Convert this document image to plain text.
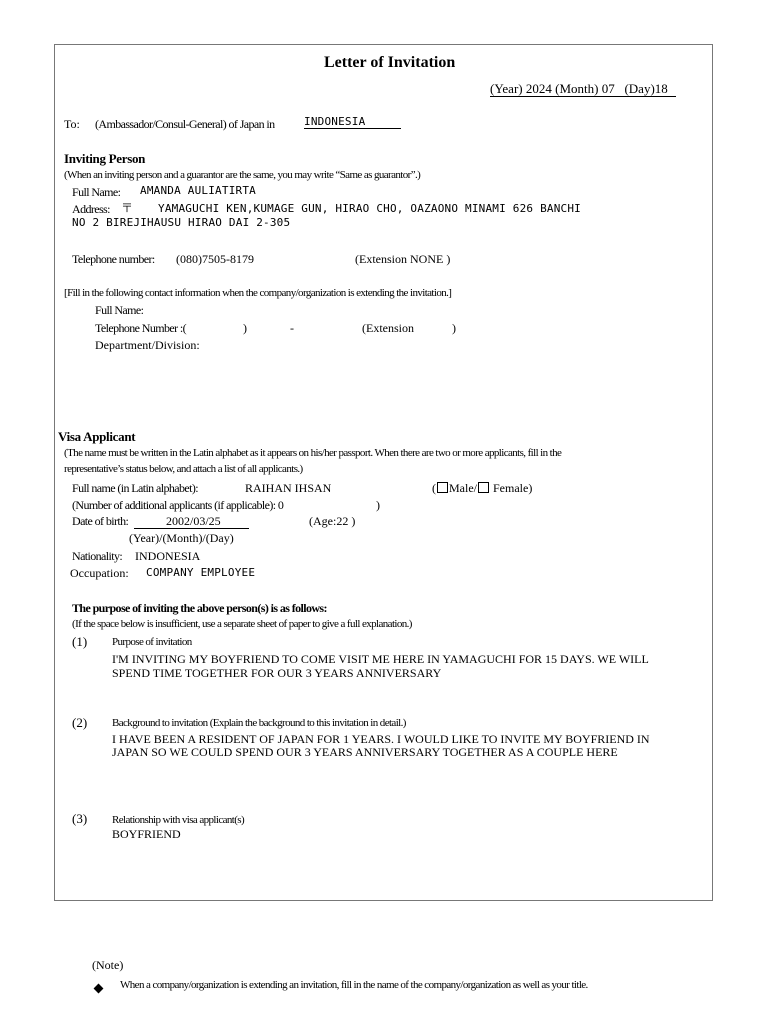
Letter of Invitation
(Year) 2024 (Month) 07 (Day)18
To: (Ambassador/Consul-General) of Japan in	INDONESIA
Inviting Person
(When an inviting person and a guarantor are the same, you may write “Same as guarantor”.)
Full Name: AMANDA AULIATIRTA
Address: 〒 YAMAGUCHI KEN,KUMAGE GUN, HIRAO CHO, OAZAONO MINAMI 626 BANCHI
NO 2 BIREJIHAUSU HIRAO DAI 2-305
Telephone number: (080)7505-8179	(Extension NONE )
[Fill in the following contact information when the company/organization is extending the invitation.]
Full Name:
Telephone Number :(	)	-	(Extension	)
Department/Division:
Visa Applicant
(The name must be written in the Latin alphabet as it appears on his/her passport. When there are two or more applicants, fill in the
representative’s status below, and attach a list of all applicants.)
Full name (in Latin alphabet):	RAIHAN IHSAN	( Male/ Female)
(Number of additional applicants (if applicable): 0	)
Date of birth:	2002/03/25	(Age:22 )
(Year)/(Month)/(Day)
Nationality: INDONESIA
Occupation: COMPANY EMPLOYEE
The purpose of inviting the above person(s) is as follows:
(If the space below is insufficient, use a separate sheet of paper to give a full explanation.)
(1) Purpose of invitation
I'M INVITING MY BOYFRIEND TO COME VISIT ME HERE IN YAMAGUCHI FOR 15 DAYS. WE WILL
SPEND TIME TOGETHER FOR OUR 3 YEARS ANNIVERSARY
(2) Background to invitation (Explain the background to this invitation in detail.)
I HAVE BEEN A RESIDENT OF JAPAN FOR 1 YEARS. I WOULD LIKE TO INVITE MY BOYFRIEND IN
JAPAN SO WE COULD SPEND OUR 3 YEARS ANNIVERSARY TOGETHER AS A COUPLE HERE
(3) Relationship with visa applicant(s)
BOYFRIEND
(Note)
When a company/organization is extending an invitation, fill in the name of the company/organization as well as your title.
